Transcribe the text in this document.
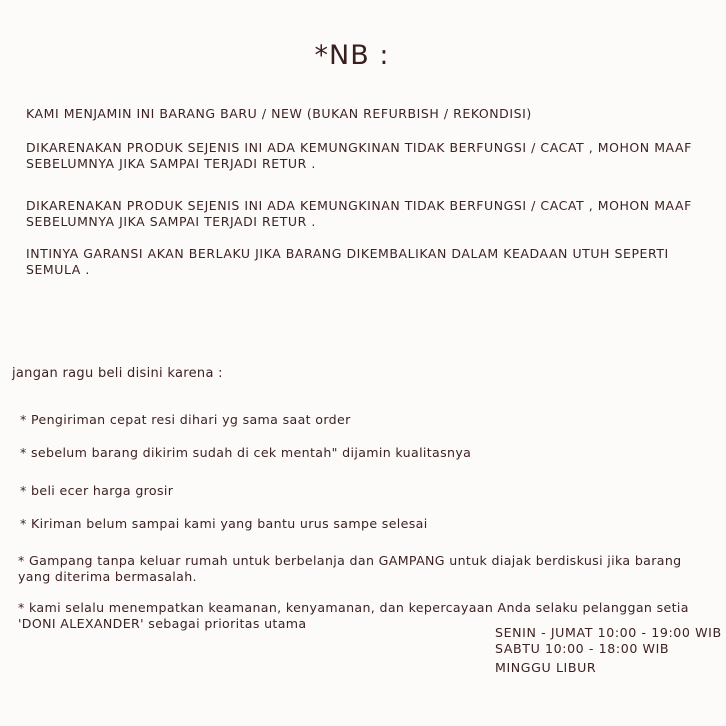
*NB :
KAMI MENJAMIN INI BARANG BARU / NEW (BUKAN REFURBISH / REKONDISI)
DIKARENAKAN PRODUK SEJENIS INI ADA KEMUNGKINAN TIDAK BERFUNGSI / CACAT , MOHON MAAF SEBELUMNYA JIKA SAMPAI TERJADI RETUR .
DIKARENAKAN PRODUK SEJENIS INI ADA KEMUNGKINAN TIDAK BERFUNGSI / CACAT , MOHON MAAF SEBELUMNYA JIKA SAMPAI TERJADI RETUR .
INTINYA GARANSI AKAN BERLAKU JIKA BARANG DIKEMBALIKAN DALAM KEADAAN UTUH SEPERTI SEMULA .
jangan ragu beli disini karena :
* Pengiriman cepat resi dihari yg sama saat order
* sebelum barang dikirim sudah di cek mentah" dijamin kualitasnya
* beli ecer harga grosir
* Kiriman belum sampai kami yang bantu urus sampe selesai
* Gampang tanpa keluar rumah untuk berbelanja dan GAMPANG untuk diajak berdiskusi jika barang yang diterima bermasalah.
* kami selalu menempatkan keamanan, kenyamanan, dan kepercayaan Anda selaku pelanggan setia 'DONI ALEXANDER' sebagai prioritas utama
SENIN - JUMAT 10:00 - 19:00 WIB
SABTU 10:00 - 18:00 WIB
MINGGU LIBUR
